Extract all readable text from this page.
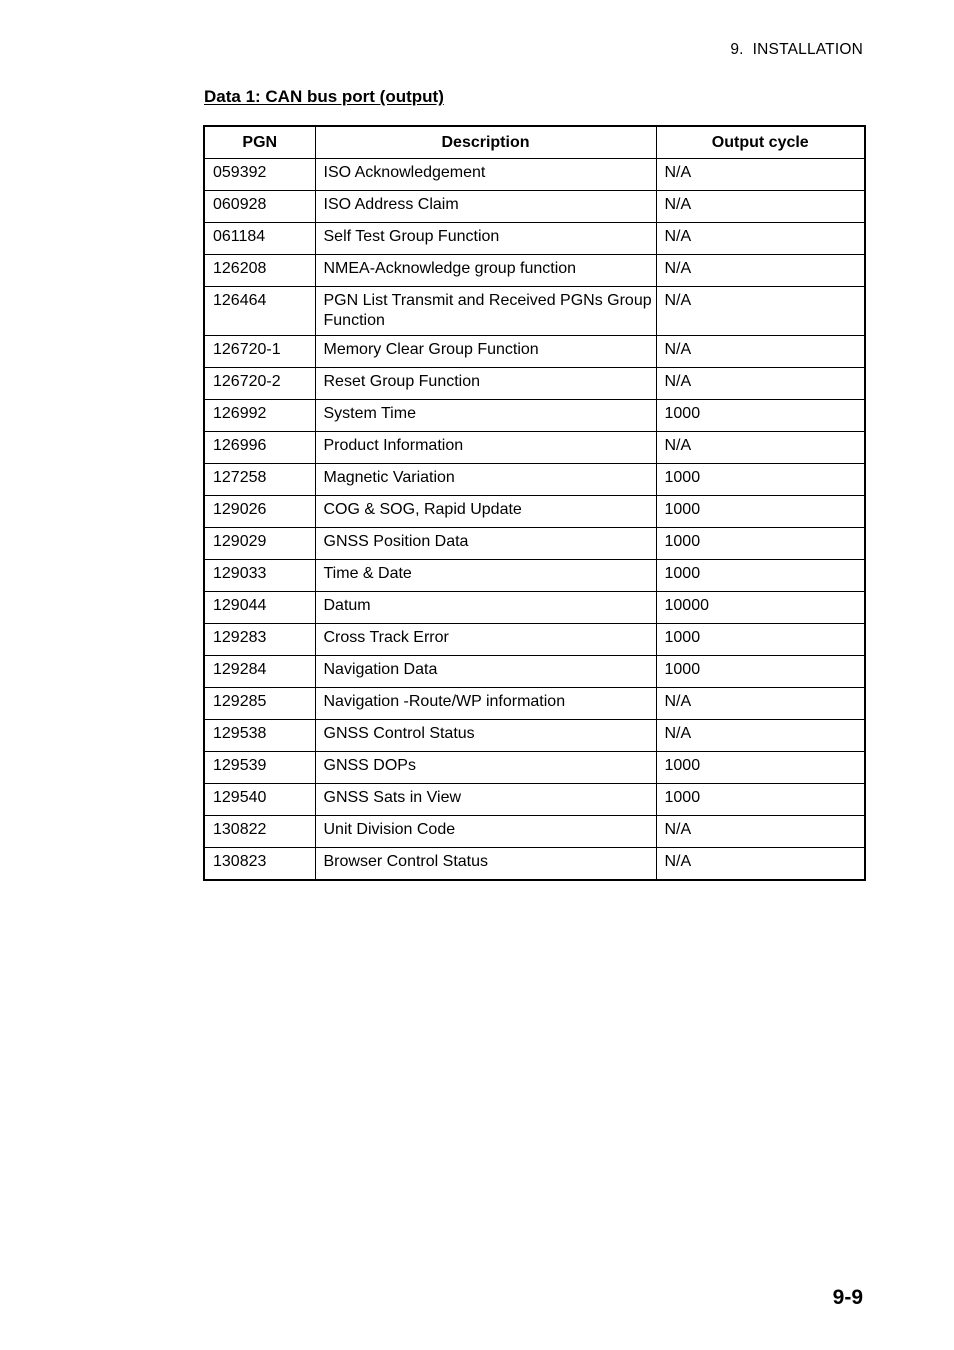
9.  INSTALLATION
Data 1: CAN bus port (output)
PGN	Description	Output cycle

059392	ISO Acknowledgement	N/A

060928	ISO Address Claim	N/A

061184	Self Test Group Function	N/A

126208	NMEA-Acknowledge group function	N/A

126464	PGN List Transmit and Received PGNs Group Function	N/A

126720-1	Memory Clear Group Function	N/A

126720-2	Reset Group Function	N/A

126992	System Time	1000

126996	Product Information	N/A

127258	Magnetic Variation	1000

129026	COG & SOG, Rapid Update	1000

129029	GNSS Position Data	1000

129033	Time & Date	1000

129044	Datum	10000

129283	Cross Track Error	1000

129284	Navigation Data	1000

129285	Navigation -Route/WP information	N/A

129538	GNSS Control Status	N/A

129539	GNSS DOPs	1000

129540	GNSS Sats in View	1000

130822	Unit Division Code	N/A

130823	Browser Control Status	N/A
9-9
